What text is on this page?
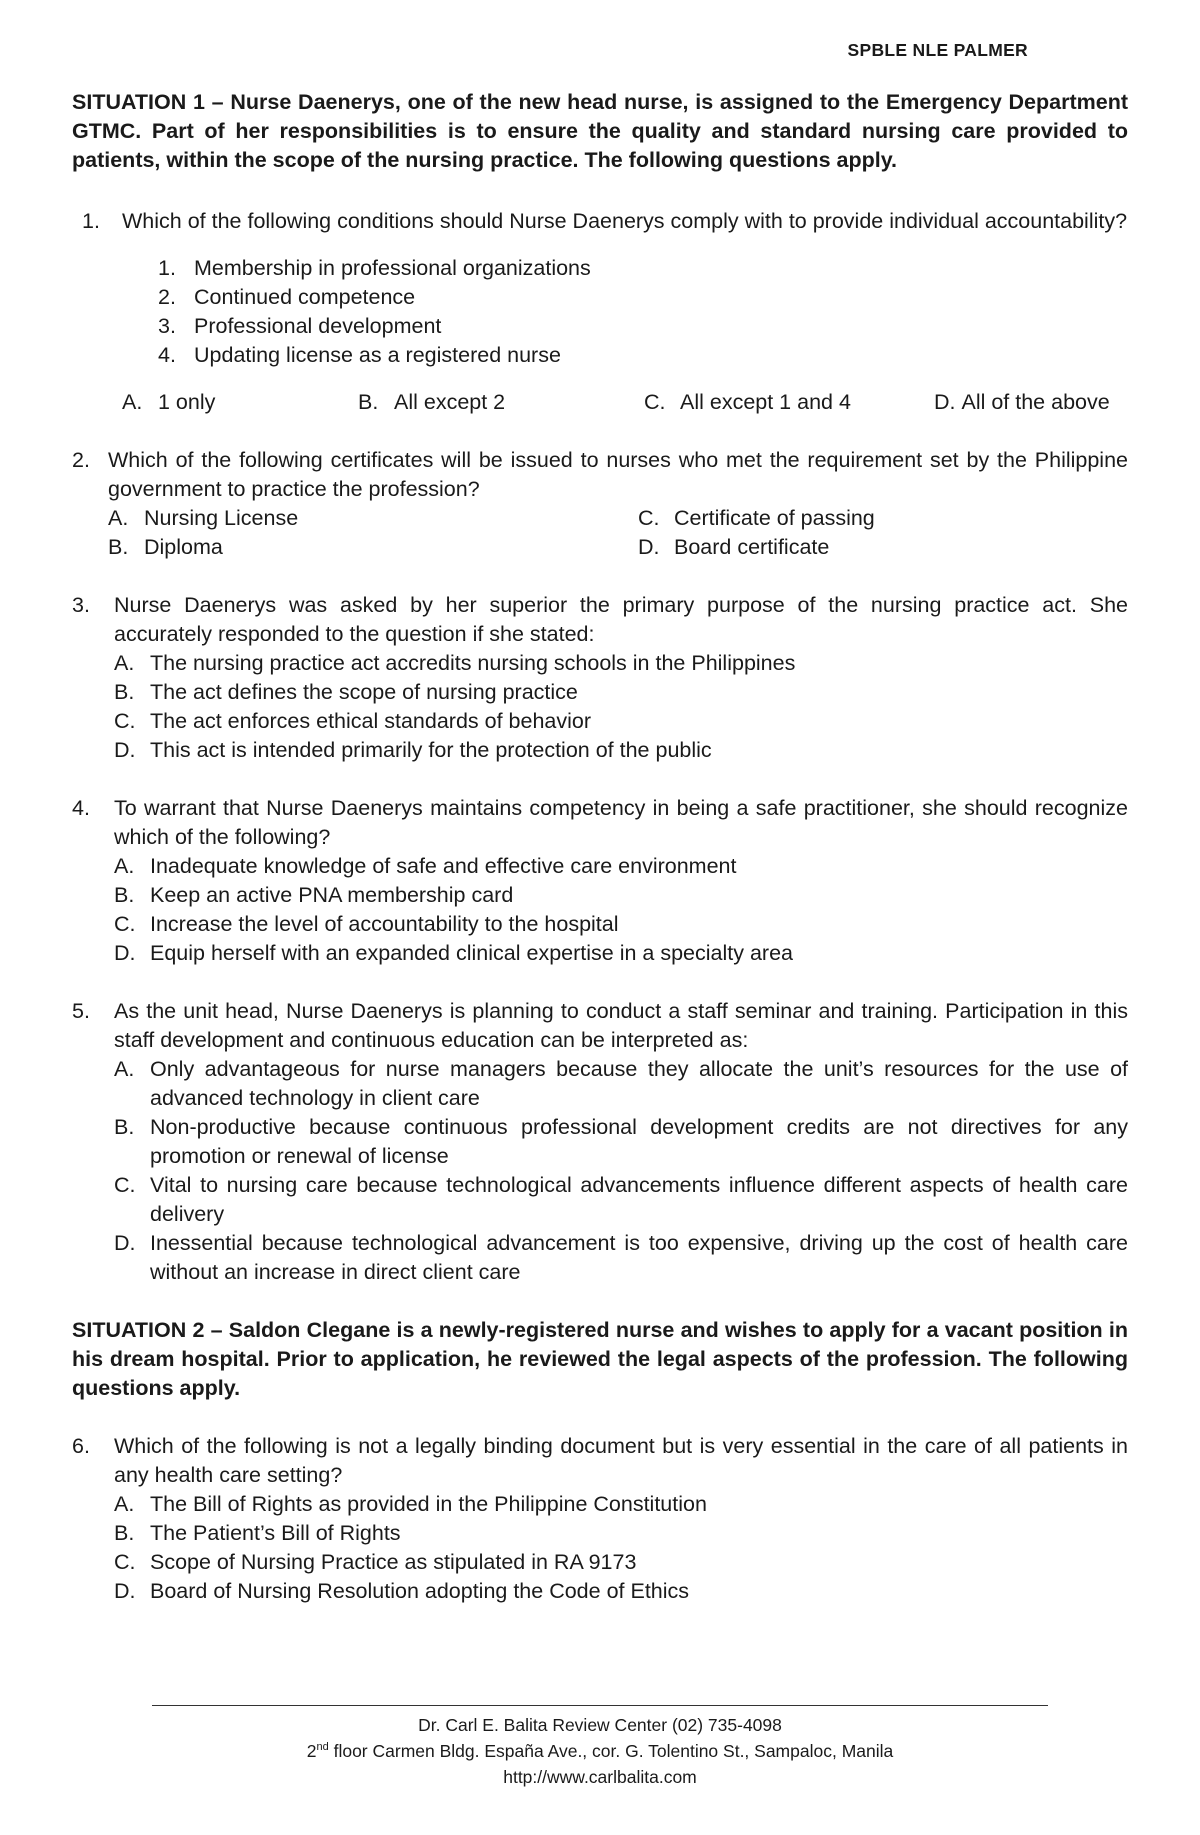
SPBLE NLE PALMER

SITUATION 1 – Nurse Daenerys, one of the new head nurse, is assigned to the Emergency Department GTMC. Part of her responsibilities is to ensure the quality and standard nursing care provided to patients, within the scope of the nursing practice. The following questions apply.

1.	Which of the following conditions should Nurse Daenerys comply with to provide individual accountability?

1. Membership in professional organizations
2. Continued competence
3. Professional development
4. Updating license as a registered nurse
A. 1 only	B. All except 2	C. All except 1 and 4	D.
All of the above
2. Which of the following certificates will be issued to nurses who met the requirement set by the Philippine government to practice the profession?

A. Nursing License	C. Certificate of passing
B. Diploma	D. Board certificate
3.	Nurse Daenerys was asked by her superior the primary purpose of the nursing practice act. She accurately responded to the question if she stated:

A. The nursing practice act accredits nursing schools in the Philippines
B. The act defines the scope of nursing practice
C. The act enforces ethical standards of behavior
D. This act is intended primarily for the protection of the public
4.	To warrant that Nurse Daenerys maintains competency in being a safe practitioner, she should recognize which of the following?

A. Inadequate knowledge of safe and effective care environment
B. Keep an active PNA membership card
C. Increase the level of accountability to the hospital
D. Equip herself with an expanded clinical expertise in a specialty area
5.	As the unit head, Nurse Daenerys is planning to conduct a staff seminar and training. Participation in this staff development and continuous education can be interpreted as:

A. Only advantageous for nurse managers because they allocate the unit’s resources for the use of advanced technology in client care
B. Non-productive because continuous professional development credits are not directives for any promotion or renewal of license
C. Vital to nursing care because technological advancements influence different aspects of health care delivery
D. Inessential because technological advancement is too expensive, driving up the cost of health care without an increase in direct client care

SITUATION 2 – Saldon Clegane is a newly-registered nurse and wishes to apply for a vacant position in his dream hospital. Prior to application, he reviewed the legal aspects of the profession. The following questions apply.

6.	Which of the following is not a legally binding document but is very essential in the care of all patients in any health care setting?

A. The Bill of Rights as provided in the Philippine Constitution
B. The Patient’s Bill of Rights
C. Scope of Nursing Practice as stipulated in RA 9173
D. Board of Nursing Resolution adopting the Code of Ethics
Dr. Carl E. Balita Review Center (02) 735-4098
2nd floor Carmen Bldg. España Ave., cor. G. Tolentino St., Sampaloc, Manila
http://www.carlbalita.com
